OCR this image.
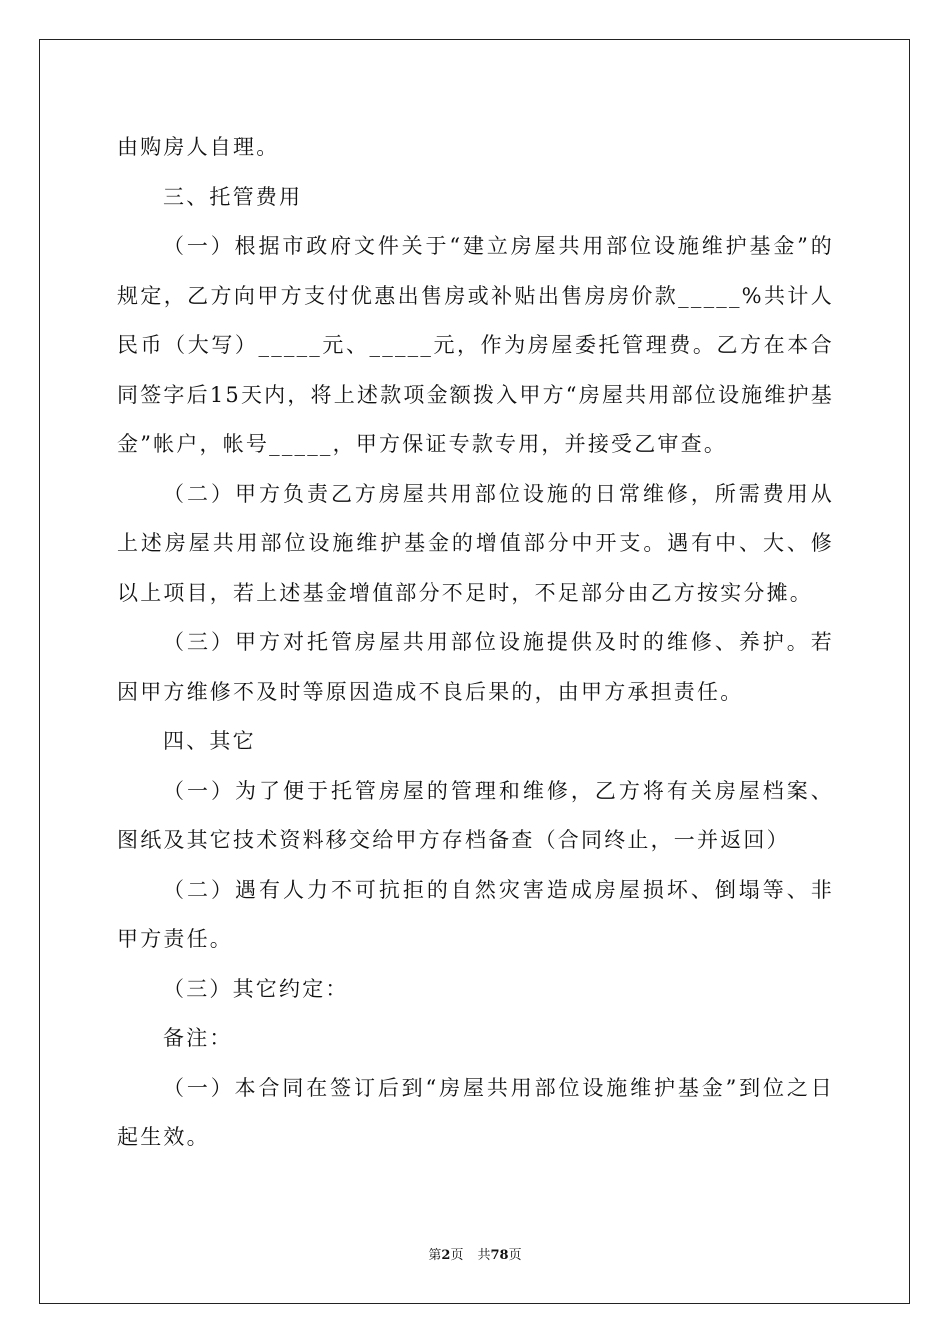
由购房人自理。

三、托管费用

（一）根据市政府文件关于“建立房屋共用部位设施维护基金”的规定，乙方向甲方支付优惠出售房或补贴出售房房价款_____%共计人民币（大写）_____元、_____元，作为房屋委托管理费。乙方在本合同签字后15天内，将上述款项金额拨入甲方“房屋共用部位设施维护基金”帐户，帐号_____，甲方保证专款专用，并接受乙审查。

（二）甲方负责乙方房屋共用部位设施的日常维修，所需费用从上述房屋共用部位设施维护基金的增值部分中开支。遇有中、大、修以上项目，若上述基金增值部分不足时，不足部分由乙方按实分摊。

（三）甲方对托管房屋共用部位设施提供及时的维修、养护。若因甲方维修不及时等原因造成不良后果的，由甲方承担责任。

四、其它

（一）为了便于托管房屋的管理和维修，乙方将有关房屋档案、图纸及其它技术资料移交给甲方存档备查（合同终止，一并返回）

（二）遇有人力不可抗拒的自然灾害造成房屋损坏、倒塌等、非甲方责任。

（三）其它约定：

备注：

（一）本合同在签订后到“房屋共用部位设施维护基金”到位之日起生效。

第2页 共78页
